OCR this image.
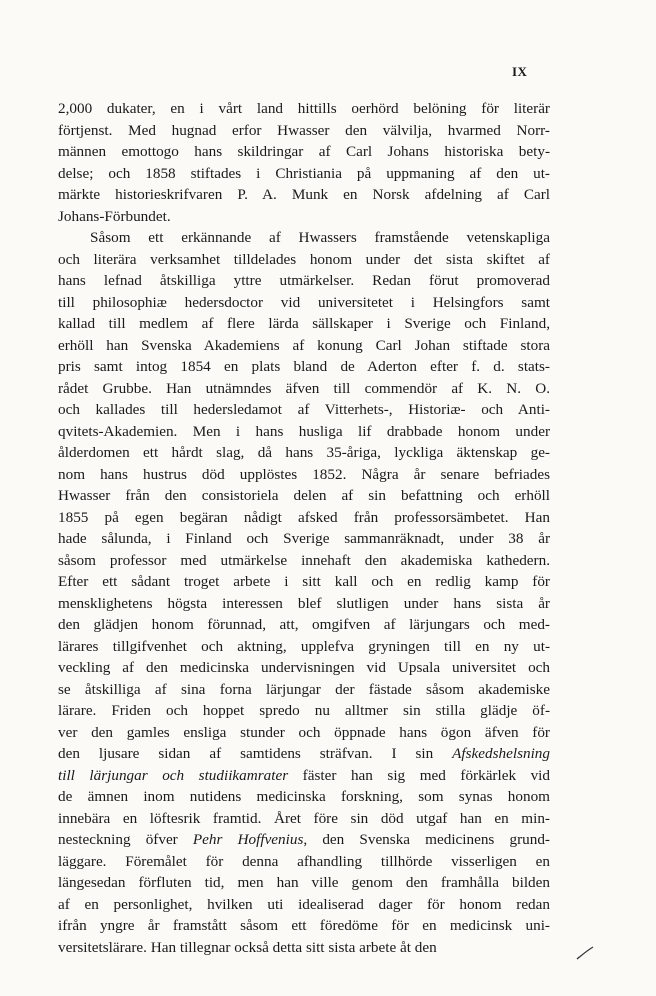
IX
2,000 dukater, en i vårt land hittills oerhörd belöning för literär
förtjenst. Med hugnad erfor Hwasser den välvilja, hvarmed Norr-
männen emottogo hans skildringar af Carl Johans historiska bety-
delse; och 1858 stiftades i Christiania på uppmaning af den ut-
märkte historieskrifvaren P. A. Munk en Norsk afdelning af Carl
Johans-Förbundet.
Såsom ett erkännande af Hwassers framstående vetenskapliga
och literära verksamhet tilldelades honom under det sista skiftet af
hans lefnad åtskilliga yttre utmärkelser. Redan förut promoverad
till philosophiæ hedersdoctor vid universitetet i Helsingfors samt
kallad till medlem af flere lärda sällskaper i Sverige och Finland,
erhöll han Svenska Akademiens af konung Carl Johan stiftade stora
pris samt intog 1854 en plats bland de Aderton efter f. d. stats-
rådet Grubbe. Han utnämndes äfven till commendör af K. N. O.
och kallades till hedersledamot af Vitterhets-, Historiæ- och Anti-
qvitets-Akademien. Men i hans husliga lif drabbade honom under
ålderdomen ett hårdt slag, då hans 35-åriga, lyckliga äktenskap ge-
nom hans hustrus död upplöstes 1852. Några år senare befriades
Hwasser från den consistoriela delen af sin befattning och erhöll
1855 på egen begäran nådigt afsked från professorsämbetet. Han
hade sålunda, i Finland och Sverige sammanräknadt, under 38 år
såsom professor med utmärkelse innehaft den akademiska kathedern.
Efter ett sådant troget arbete i sitt kall och en redlig kamp för
mensklighetens högsta interessen blef slutligen under hans sista år
den glädjen honom förunnad, att, omgifven af lärjungars och med-
lärares tillgifvenhet och aktning, upplefva gryningen till en ny ut-
veckling af den medicinska undervisningen vid Upsala universitet och
se åtskilliga af sina forna lärjungar der fästade såsom akademiske
lärare. Friden och hoppet spredo nu alltmer sin stilla glädje öf-
ver den gamles ensliga stunder och öppnade hans ögon äfven för
den ljusare sidan af samtidens sträfvan. I sin Afskedshelsning
till lärjungar och studiikamrater fäster han sig med förkärlek vid
de ämnen inom nutidens medicinska forskning, som synas honom
innebära en löftesrik framtid. Året före sin död utgaf han en min-
nesteckning öfver Pehr Hoffvenius, den Svenska medicinens grund-
läggare. Föremålet för denna afhandling tillhörde visserligen en
längesedan förfluten tid, men han ville genom den framhålla bilden
af en personlighet, hvilken uti idealiserad dager för honom redan
ifrån yngre år framstått såsom ett föredöme för en medicinsk uni-
versitetslärare. Han tillegnar också detta sitt sista arbete åt den
